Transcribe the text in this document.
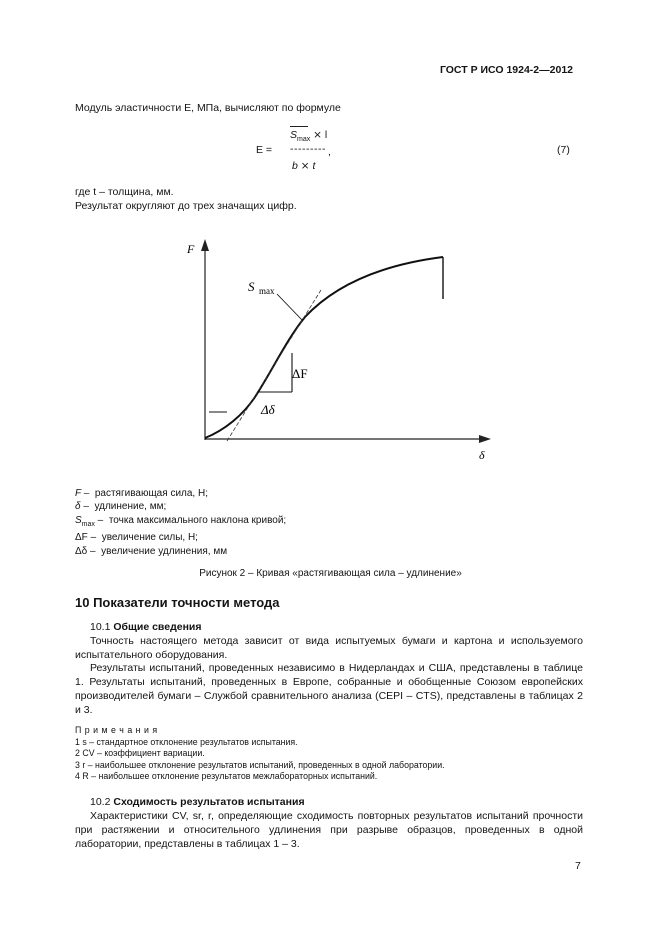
ГОСТ Р ИСО 1924-2—2012
Модуль эластичности E, МПа, вычисляют по формуле
E =
$S_{max}$ ⨯ l
--------- ,
b ⨯ t
(7)
где t – толщина, мм.
Результат округляют до трех значащих цифр.
F
δ
ΔF
Δδ
S max
F – растягивающая сила, Н;
δ – удлинение, мм;
$S_{max}$ – точка максимального наклона кривой;
ΔF – увеличение силы, Н;
Δδ – увеличение удлинения, мм
Рисунок 2 – Кривая «растягивающая сила – удлинение»
10 Показатели точности метода
10.1 Общие сведения
Точность настоящего метода зависит от вида испытуемых бумаги и картона и используемого испытательного оборудования.
Результаты испытаний, проведенных независимо в Нидерландах и США, представлены в таблице 1. Результаты испытаний, проведенных в Европе, собранные и обобщенные Союзом европейских производителей бумаги – Службой сравнительного анализа (CEPI – CTS), представлены в таблицах 2 и 3.
П р и м е ч а н и я
1 s – стандартное отклонение результатов испытания.
2 CV – коэффициент вариации.
3 r – наибольшее отклонение результатов испытаний, проведенных в одной лаборатории.
4 R – наибольшее отклонение результатов межлабораторных испытаний.
10.2 Сходимость результатов испытания
Характеристики CV, sr, r, определяющие сходимость повторных результатов испытаний прочности при растяжении и относительного удлинения при разрыве образцов, проведенных в одной лаборатории, представлены в таблицах 1 – 3.
7
